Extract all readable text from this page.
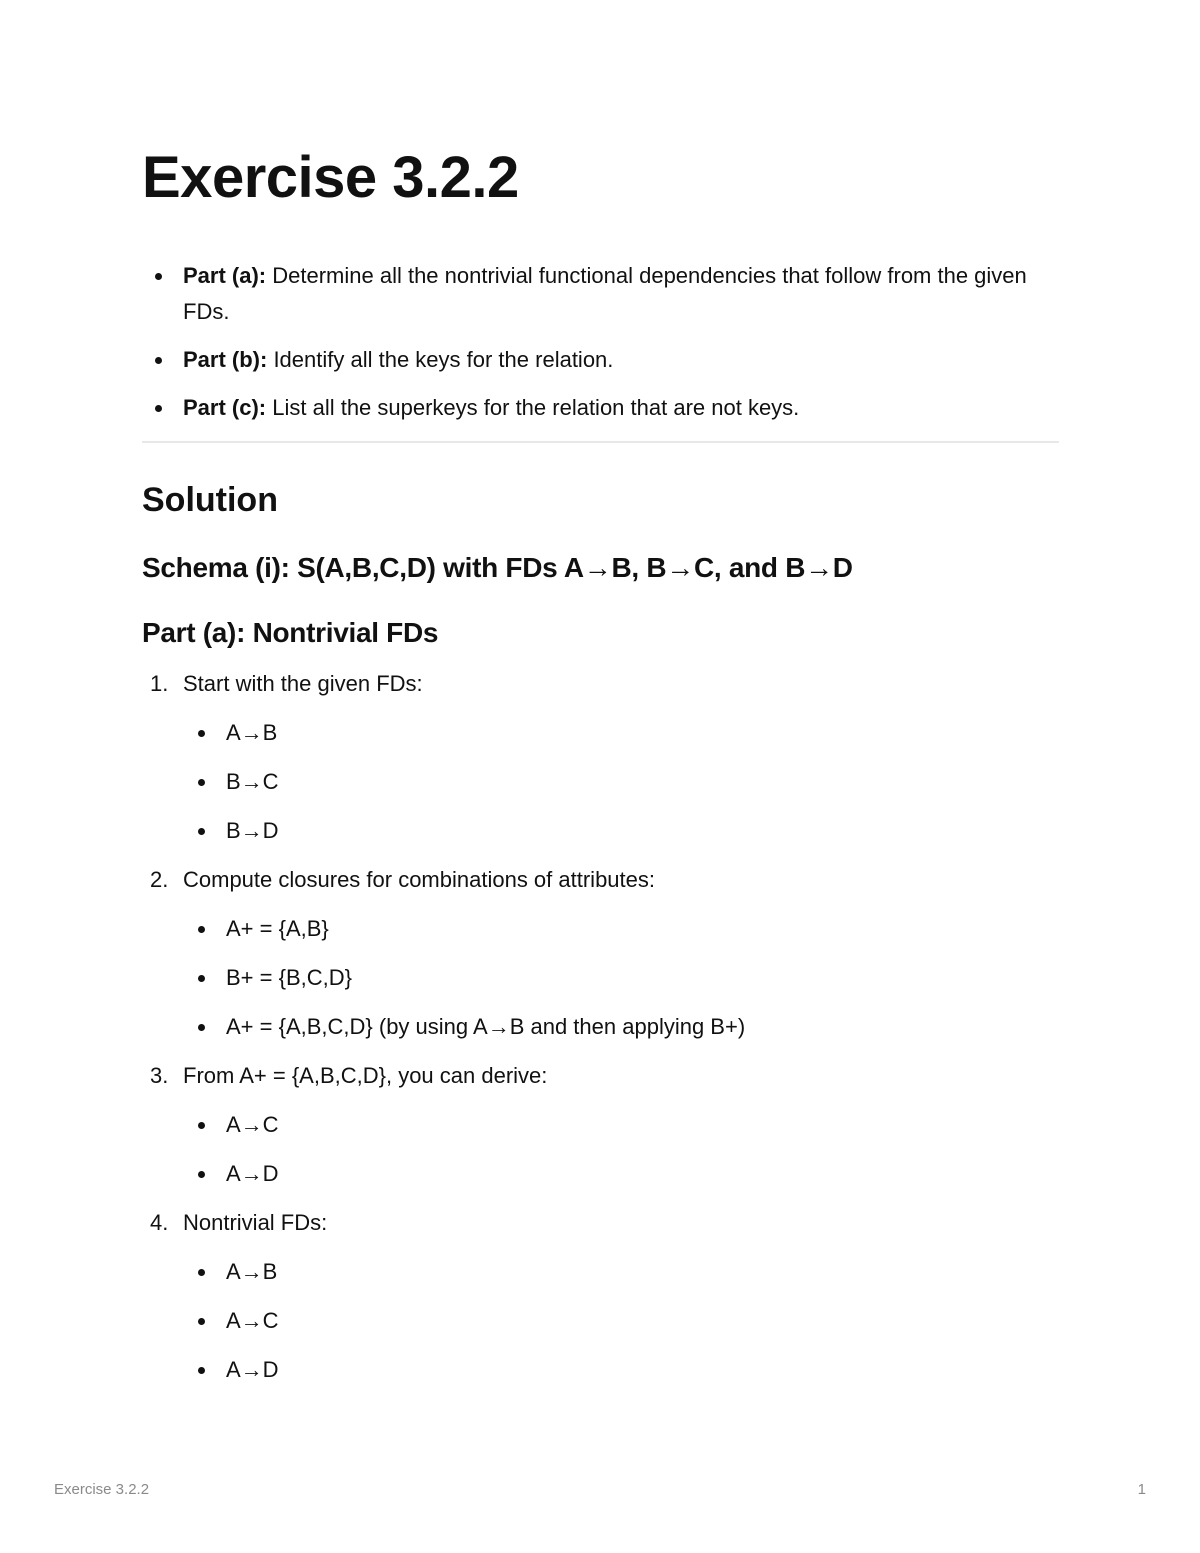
Exercise 3.2.2
Part (a): Determine all the nontrivial functional dependencies that follow from the given FDs.
Part (b): Identify all the keys for the relation.
Part (c): List all the superkeys for the relation that are not keys.
Solution
Schema (i): S(A,B,C,D) with FDs A→B, B→C, and B→D
Part (a): Nontrivial FDs
1. Start with the given FDs:
A→B
B→C
B→D
2. Compute closures for combinations of attributes:
A+ = {A,B}
B+ = {B,C,D}
A+ = {A,B,C,D} (by using A→B and then applying B+)
3. From A+ = {A,B,C,D}, you can derive:
A→C
A→D
4. Nontrivial FDs:
A→B
A→C
A→D
Exercise 3.2.2	1
